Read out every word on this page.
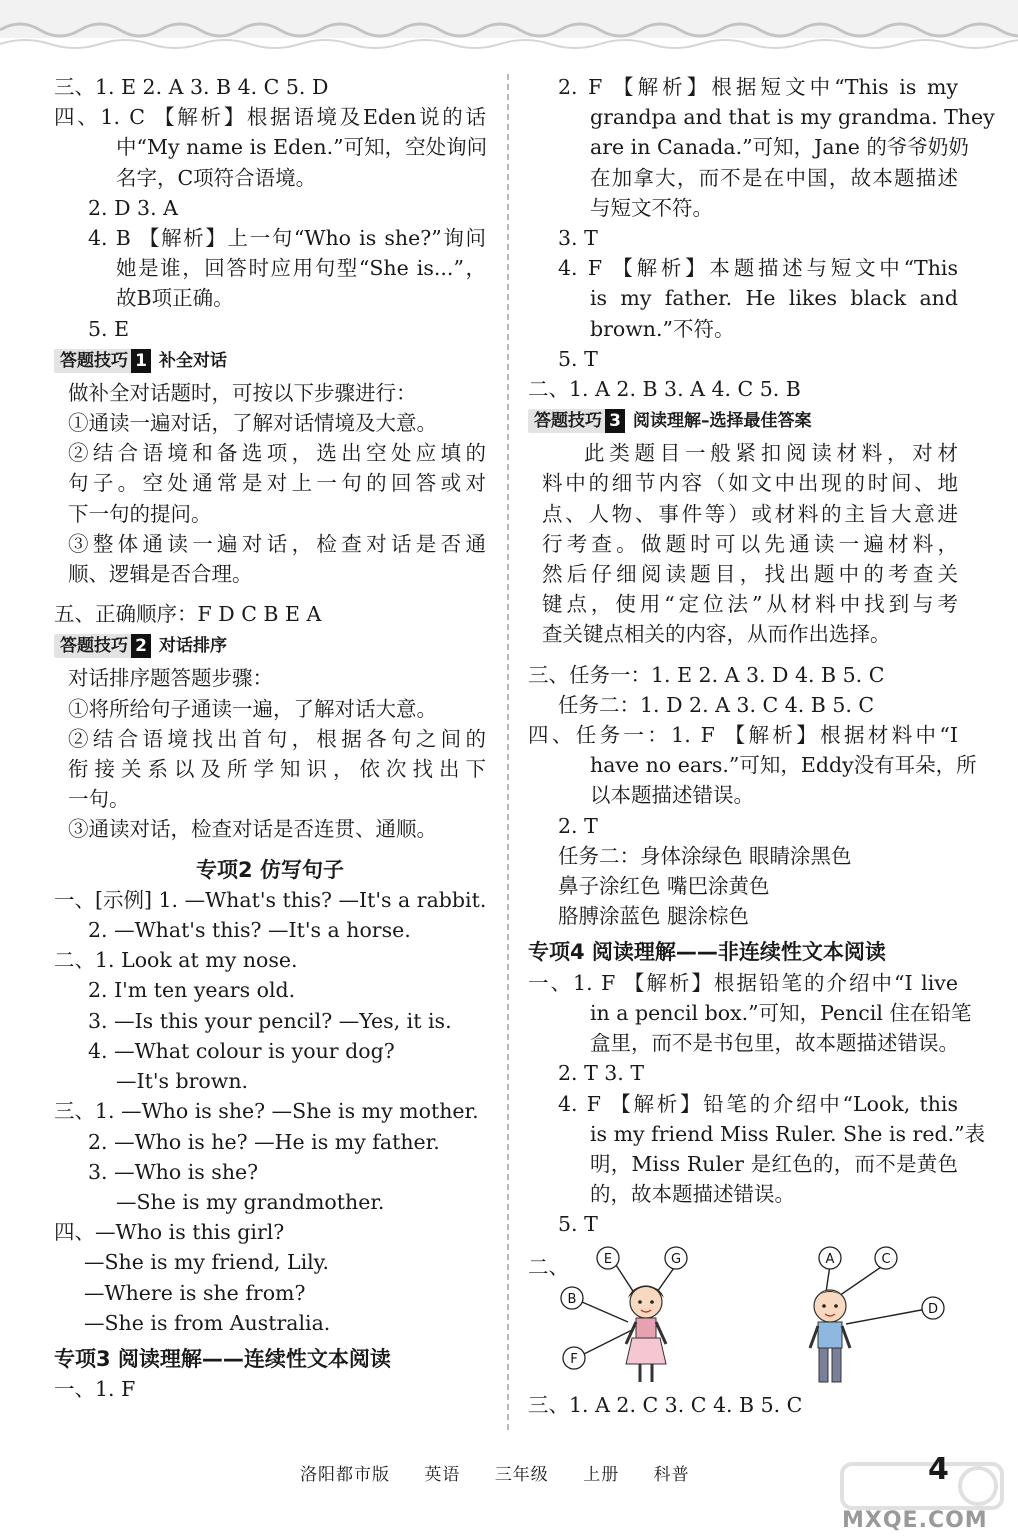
三、1. E 2. A 3. B 4. C 5. D
四、1. C 【解析】根据语境及Eden说的话
中“My name is Eden.”可知，空处询问
名字，C项符合语境。
2. D 3. A
4. B 【解析】上一句“Who is she?”询问
她是谁，回答时应用句型“She is...”，
故B项正确。
5. E
答题技巧 1 补全对话
做补全对话题时，可按以下步骤进行：
①通读一遍对话，了解对话情境及大意。
②结合语境和备选项，选出空处应填的
句子。空处通常是对上一句的回答或对
下一句的提问。
③整体通读一遍对话，检查对话是否通
顺、逻辑是否合理。
五、正确顺序：F D C B E A
答题技巧 2 对话排序
对话排序题答题步骤：
①将所给句子通读一遍，了解对话大意。
②结合语境找出首句，根据各句之间的
衔接关系以及所学知识，依次找出下
一句。
③通读对话，检查对话是否连贯、通顺。
专项2 仿写句子
一、[示例] 1. —What's this? —It's a rabbit.
2. —What's this? —It's a horse.
二、1. Look at my nose.
2. I'm ten years old.
3. —Is this your pencil? —Yes, it is.
4. —What colour is your dog?
—It's brown.
三、1. —Who is she? —She is my mother.
2. —Who is he? —He is my father.
3. —Who is she?
—She is my grandmother.
四、—Who is this girl?
—She is my friend, Lily.
—Where is she from?
—She is from Australia.
专项3 阅读理解——连续性文本阅读
一、1. F
2. F 【解析】根据短文中“This is my
grandpa and that is my grandma. They
are in Canada.”可知，Jane 的爷爷奶奶
在加拿大，而不是在中国，故本题描述
与短文不符。
3. T
4. F 【解析】本题描述与短文中“This
is my father. He likes black and
brown.”不符。
5. T
二、1. A 2. B 3. A 4. C 5. B
答题技巧 3 阅读理解–选择最佳答案
此类题目一般紧扣阅读材料，对材
料中的细节内容（如文中出现的时间、地
点、人物、事件等）或材料的主旨大意进
行考查。做题时可以先通读一遍材料，
然后仔细阅读题目，找出题中的考查关
键点，使用“定位法”从材料中找到与考
查关键点相关的内容，从而作出选择。
三、任务一：1. E 2. A 3. D 4. B 5. C
任务二：1. D 2. A 3. C 4. B 5. C
四、任务一：1. F 【解析】根据材料中“I
have no ears.”可知，Eddy没有耳朵，所
以本题描述错误。
2. T
任务二：身体涂绿色 眼睛涂黑色
鼻子涂红色 嘴巴涂黄色
胳膊涂蓝色 腿涂棕色
专项4 阅读理解——非连续性文本阅读
一、1. F 【解析】根据铅笔的介绍中“I live
in a pencil box.”可知，Pencil 住在铅笔
盒里，而不是书包里，故本题描述错误。
2. T 3. T
4. F 【解析】铅笔的介绍中“Look, this
is my friend Miss Ruler. She is red.”表
明，Miss Ruler 是红色的，而不是黄色
的，故本题描述错误。
5. T
二、	E	G
B
F
A	C
D
三、1. A 2. C 3. C 4. B 5. C
洛阳都市版 英语 三年级 上册 科普	4
MXQE.COM
